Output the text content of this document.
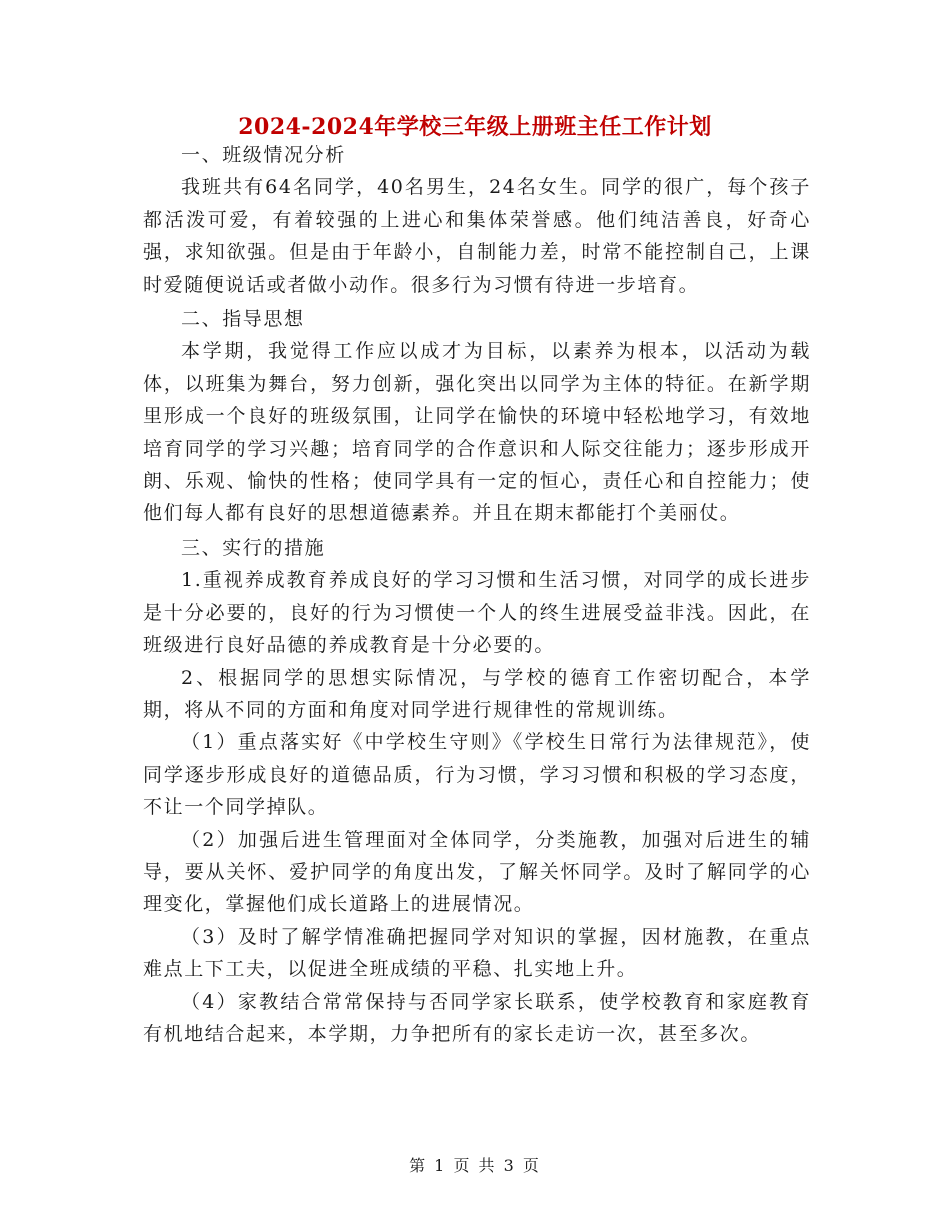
2024-2024年学校三年级上册班主任工作计划

一、班级情况分析

我班共有64名同学，40名男生，24名女生。同学的很广，每个孩子都活泼可爱，有着较强的上进心和集体荣誉感。他们纯洁善良，好奇心强，求知欲强。但是由于年龄小，自制能力差，时常不能控制自己，上课时爱随便说话或者做小动作。很多行为习惯有待进一步培育。

二、指导思想

本学期，我觉得工作应以成才为目标，以素养为根本，以活动为载体，以班集为舞台，努力创新，强化突出以同学为主体的特征。在新学期里形成一个良好的班级氛围，让同学在愉快的环境中轻松地学习，有效地培育同学的学习兴趣；培育同学的合作意识和人际交往能力；逐步形成开朗、乐观、愉快的性格；使同学具有一定的恒心，责任心和自控能力；使他们每人都有良好的思想道德素养。并且在期末都能打个美丽仗。

三、实行的措施

1.重视养成教育养成良好的学习习惯和生活习惯，对同学的成长进步是十分必要的，良好的行为习惯使一个人的终生进展受益非浅。因此，在班级进行良好品德的养成教育是十分必要的。

2、根据同学的思想实际情况，与学校的德育工作密切配合，本学期，将从不同的方面和角度对同学进行规律性的常规训练。

（1）重点落实好《中学校生守则》《学校生日常行为法律规范》，使同学逐步形成良好的道德品质，行为习惯，学习习惯和积极的学习态度，不让一个同学掉队。

（2）加强后进生管理面对全体同学，分类施教，加强对后进生的辅导，要从关怀、爱护同学的角度出发，了解关怀同学。及时了解同学的心理变化，掌握他们成长道路上的进展情况。

（3）及时了解学情准确把握同学对知识的掌握，因材施教，在重点难点上下工夫，以促进全班成绩的平稳、扎实地上升。

（4）家教结合常常保持与否同学家长联系，使学校教育和家庭教育有机地结合起来，本学期，力争把所有的家长走访一次，甚至多次。

第 1 页 共 3 页
